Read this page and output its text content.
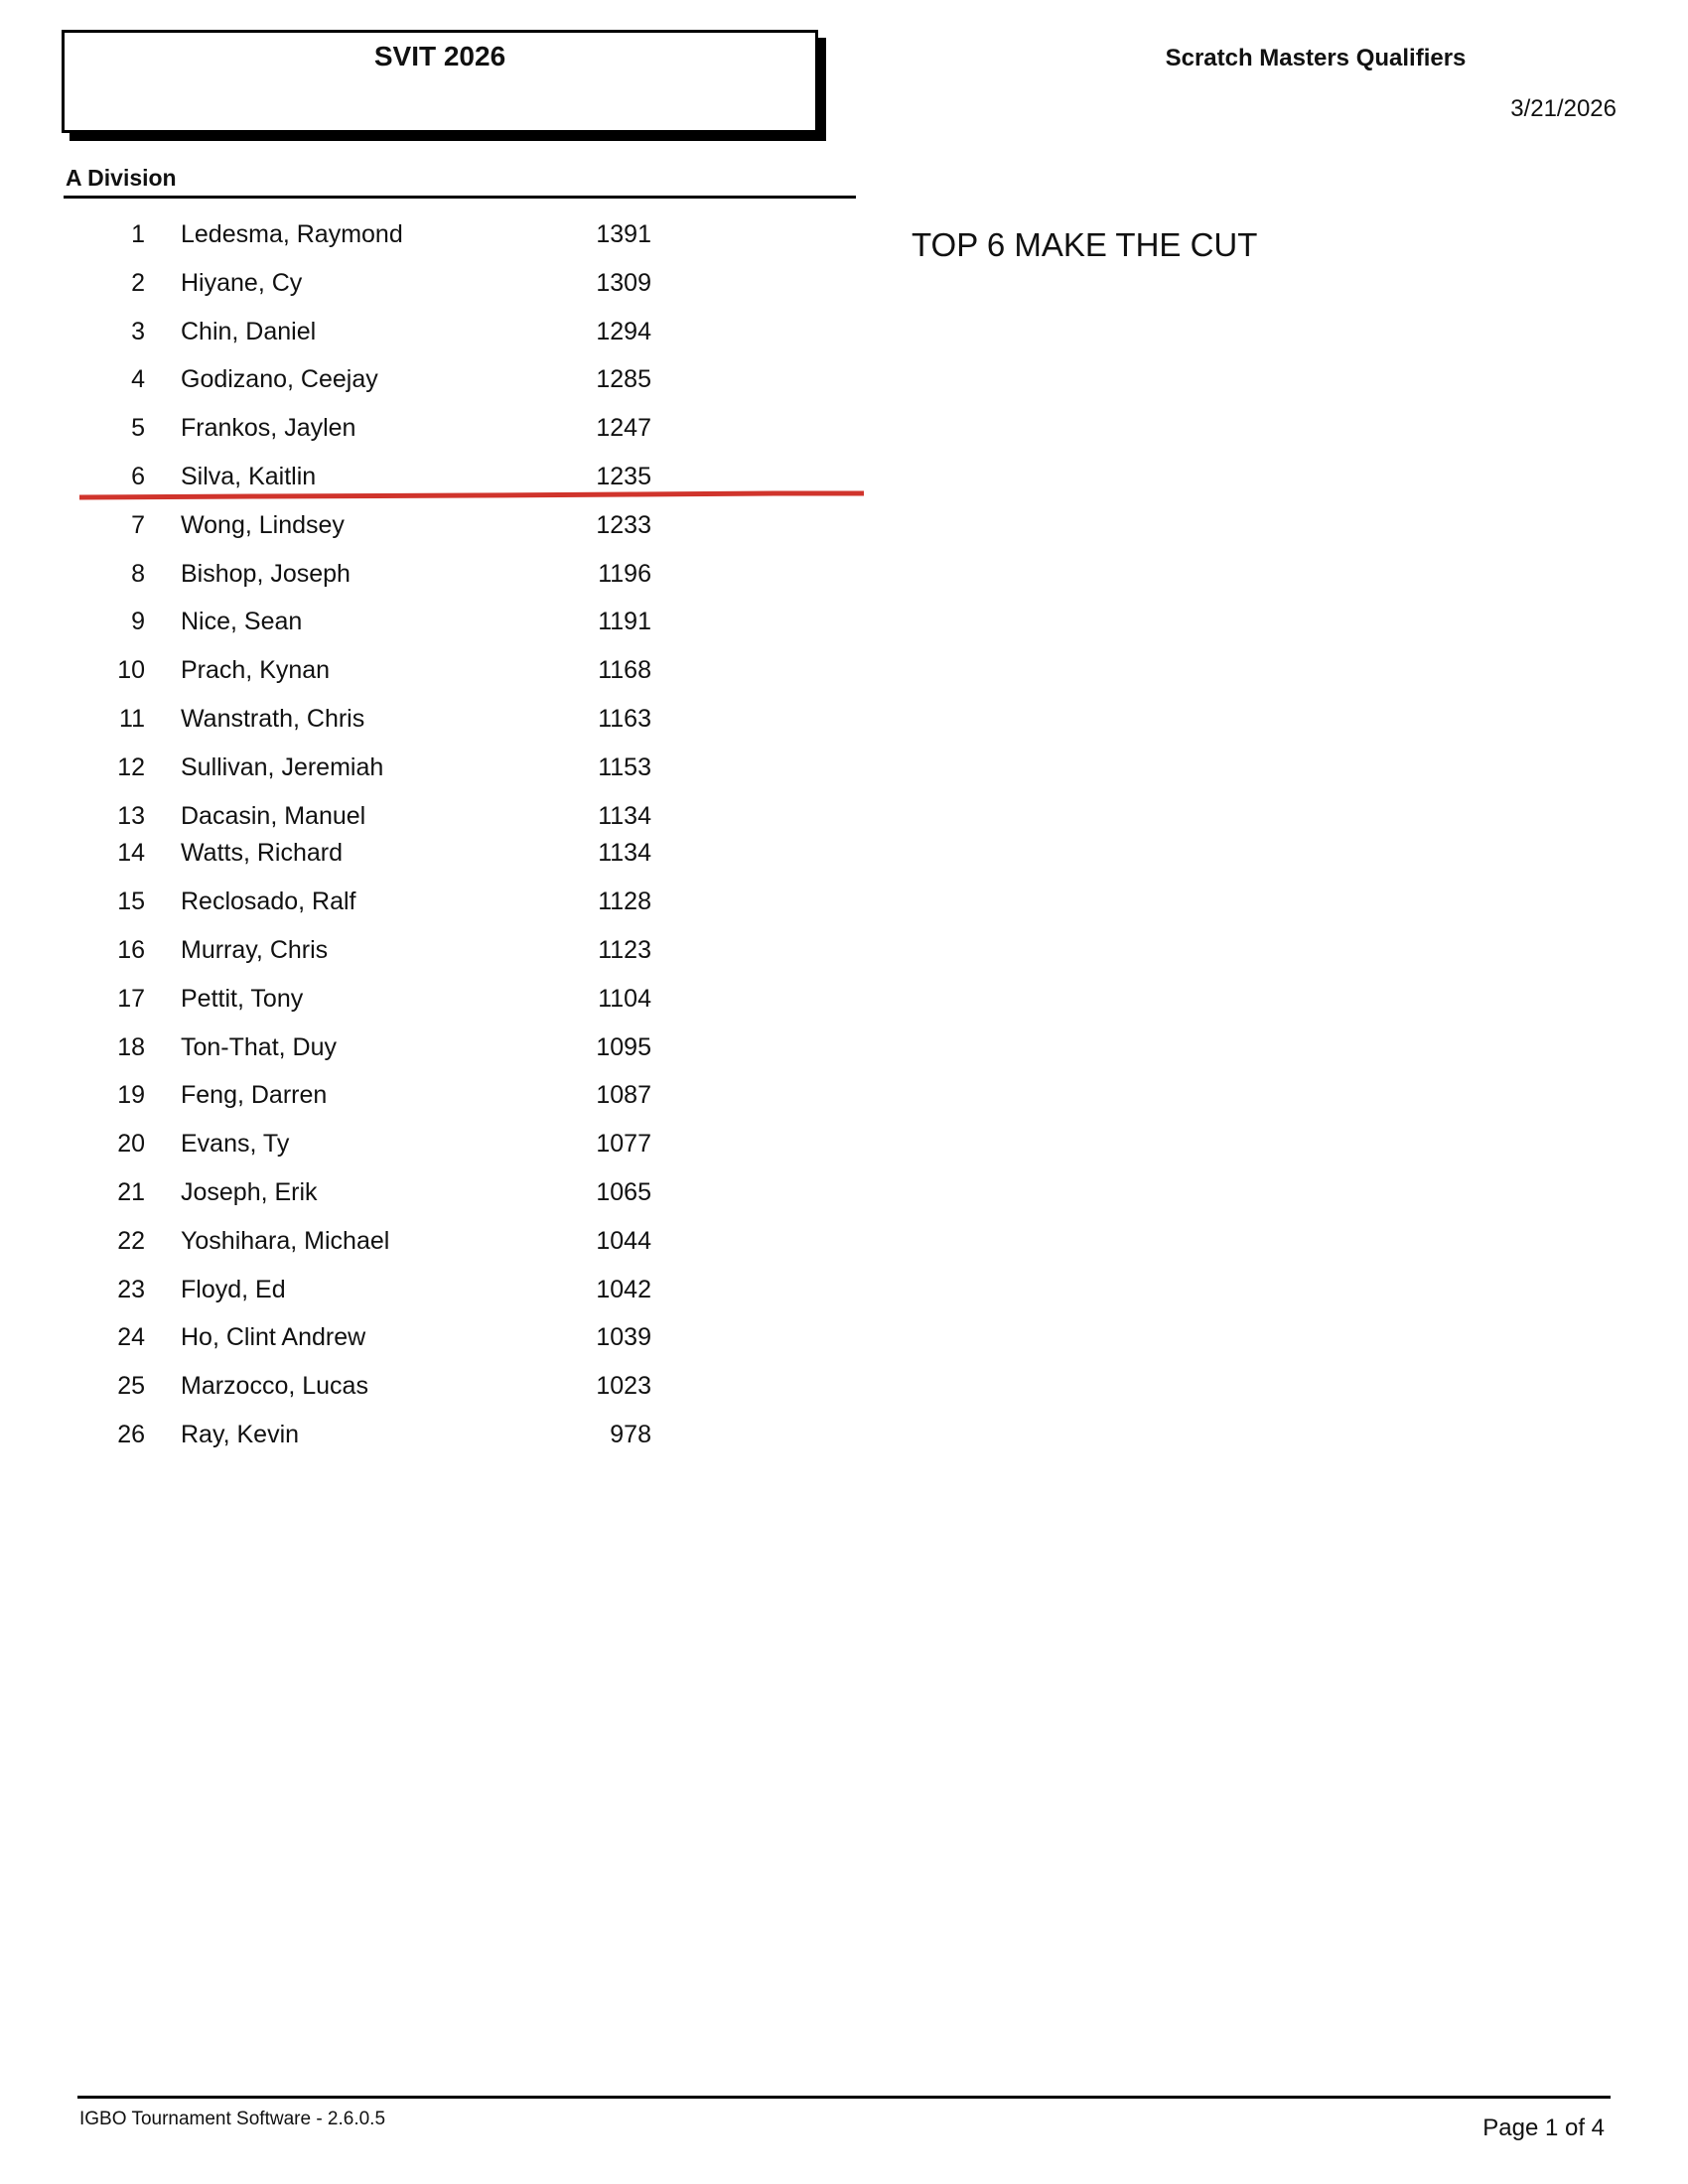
SVIT 2026	Scratch Masters Qualifiers
3/21/2026
A Division
1 Ledesma, Raymond	1391
2 Hiyane, Cy	1309
3 Chin, Daniel	1294
4 Godizano, Ceejay	1285
5 Frankos, Jaylen	1247
6 Silva, Kaitlin	1235
7 Wong, Lindsey	1233
8 Bishop, Joseph	1196
9 Nice, Sean	1191
10 Prach, Kynan	1168
11 Wanstrath, Chris	1163
12 Sullivan, Jeremiah	1153
13 Dacasin, Manuel	1134
14 Watts, Richard	1134
15 Reclosado, Ralf	1128
16 Murray, Chris	1123
17 Pettit, Tony	1104
18 Ton-That, Duy	1095
19 Feng, Darren	1087
20 Evans, Ty	1077
21 Joseph, Erik	1065
22 Yoshihara, Michael	1044
23 Floyd, Ed	1042
24 Ho, Clint Andrew	1039
25 Marzocco, Lucas	1023
26 Ray, Kevin	978
TOP 6 MAKE THE CUT
IGBO Tournament Software - 2.6.0.5	Page 1 of 4
